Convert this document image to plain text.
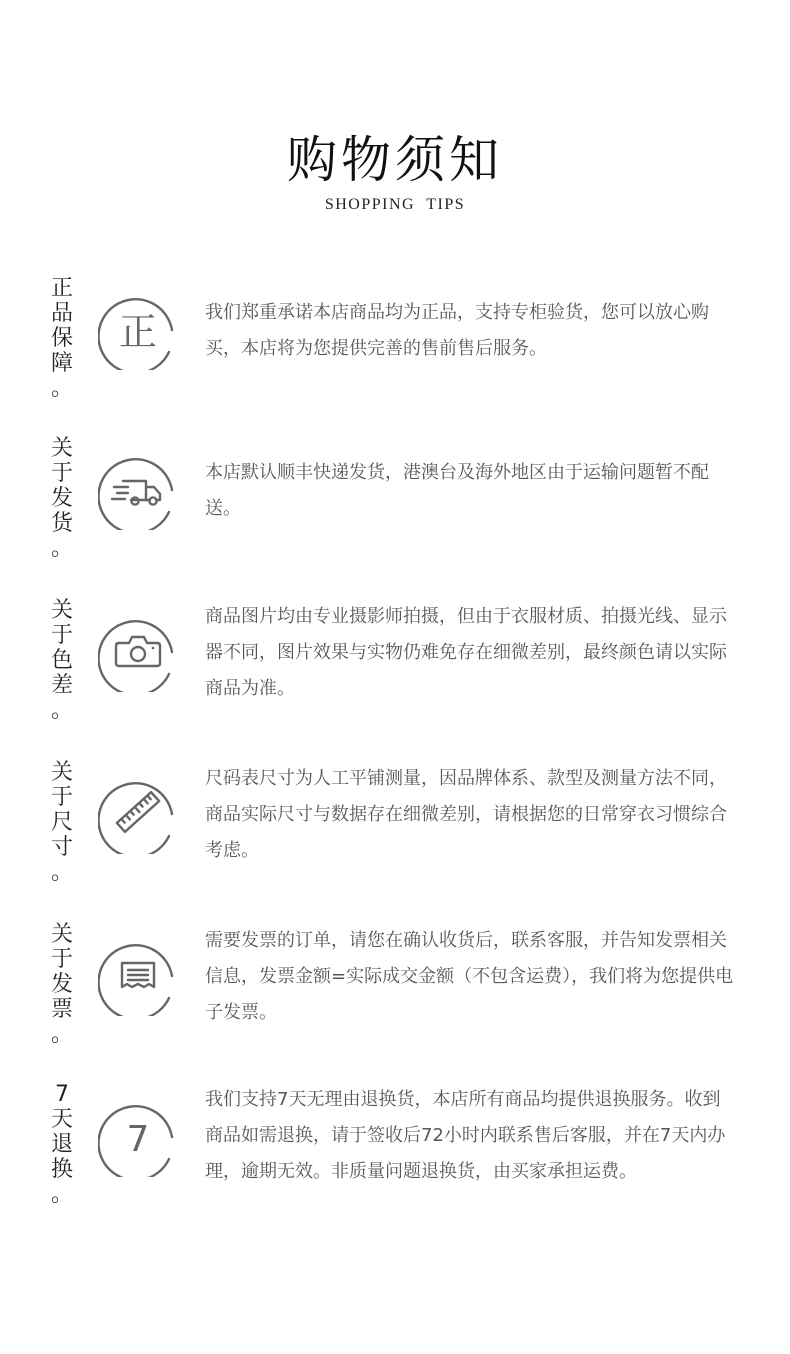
购物须知
SHOPPING TIPS
正
品
保
障
。
正	我们郑重承诺本店商品均为正品，支持专柜验货，您可以放心购买，本店将为您提供完善的售前售后服务。

关
于
发
货
。

本店默认顺丰快递发货，港澳台及海外地区由于运输问题暂不配送。

关
于
色
差
。

商品图片均由专业摄影师拍摄，但由于衣服材质、拍摄光线、显示器不同，图片效果与实物仍难免存在细微差别，最终颜色请以实际商品为准。

关
于
尺
寸
。

尺码表尺寸为人工平铺测量，因品牌体系、款型及测量方法不同，商品实际尺寸与数据存在细微差别，请根据您的日常穿衣习惯综合考虑。

关
于
发
票
。

需要发票的订单，请您在确认收货后，联系客服，并告知发票相关信息，发票金额=实际成交金额（不包含运费），我们将为您提供电子发票。

7
天
退
换
。
7

我们支持7天无理由退换货，本店所有商品均提供退换服务。收到商品如需退换，请于签收后72小时内联系售后客服，并在7天内办理，逾期无效。非质量问题退换货，由买家承担运费。
